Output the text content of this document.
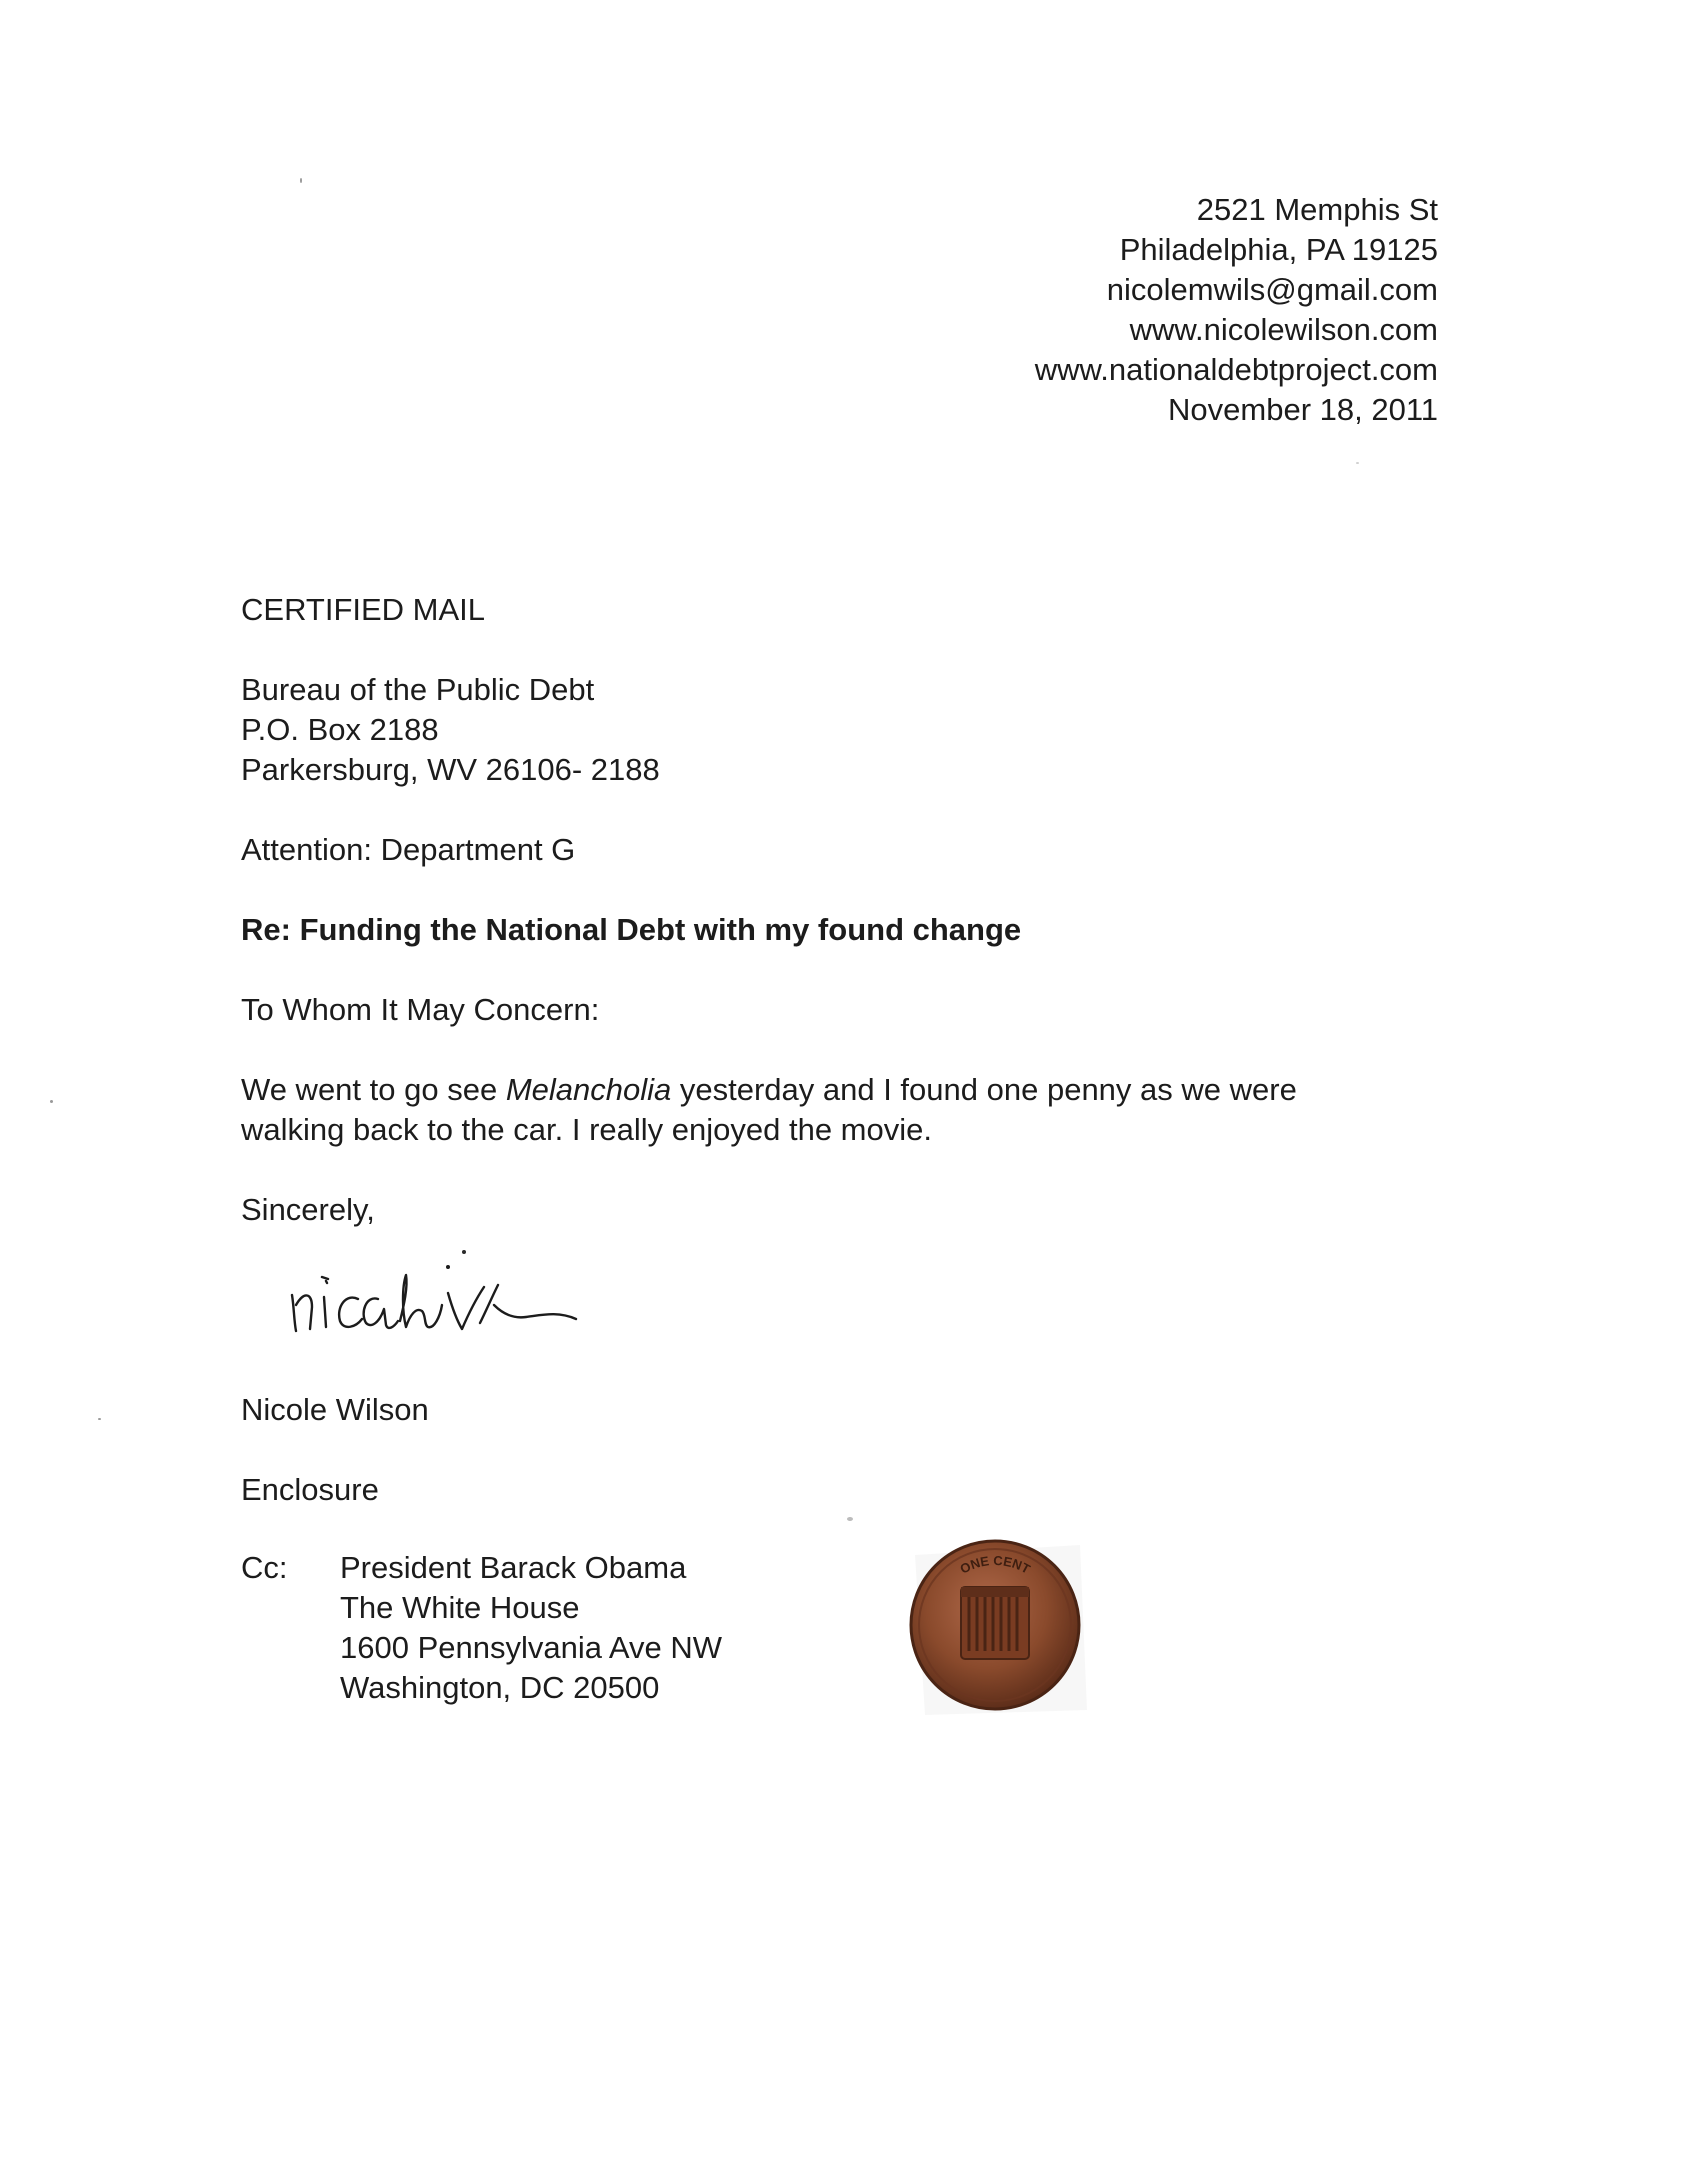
2521 Memphis St
Philadelphia, PA 19125
nicolemwils@gmail.com
www.nicolewilson.com
www.nationaldebtproject.com
November 18, 2011
CERTIFIED MAIL
Bureau of the Public Debt
P.O. Box 2188
Parkersburg, WV 26106- 2188
Attention: Department G
Re: Funding the National Debt with my found change
To Whom It May Concern:
We went to go see Melancholia yesterday and I found one penny as we were
walking back to the car. I really enjoyed the movie.
Sincerely,
Nicole Wilson
Enclosure
Cc: President Barack Obama
The White House
1600 Pennsylvania Ave NW
Washington, DC 20500
ONE CENT
